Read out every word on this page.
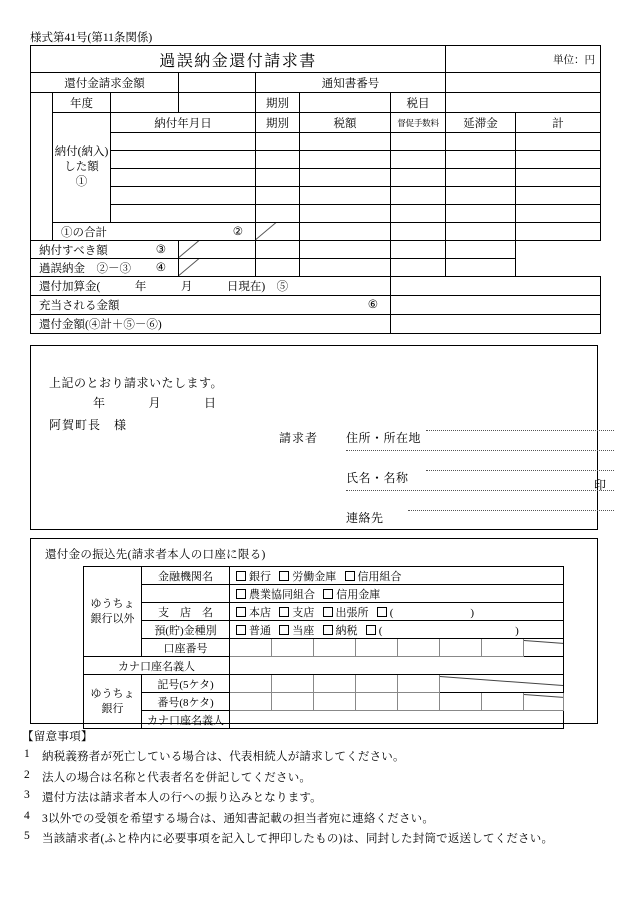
様式第41号(第11条関係)
過誤納金還付請求書							単位：円	
還付金請求金額				通知書番号				
	年度			期別		税目		

	納付(納入)
した額　①	納付年月日		期別	税額	督促手数料	延滞金	計

	①の合計 ②							

納付すべき額 ③								

過誤納金　②－③ ④								

還付加算金(　　　年　　　月　　　日現在)　⑤								
充当される金額 ⑥								

還付金額(④計＋⑤－⑥)								
上記のとおり請求いたします。
年	月	日
阿賀町長　様
請求者 住所・所在地
氏名・名称	印
連絡先
還付金の振込先(請求者本人の口座に限る)
ゆうちょ
銀行以外	金融機関名	銀行 労働金庫 信用組合							
		農業協同組合 信用金庫							
	支　店　名	本店 支店 出張所 (　　　　　　　)							
	預(貯)金種別	普通 当座 納税 ( )							
	口座番号								
カナ口座名義人									

ゆうちょ
銀行	記号(5ケタ)								
	番号(8ケタ)								
	カナ口座名義人								
【留意事項】
1 納税義務者が死亡している場合は、代表相続人が請求してください。
2 法人の場合は名称と代表者名を併記してください。
3 還付方法は請求者本人の行への振り込みとなります。
4 3以外での受領を希望する場合は、通知書記載の担当者宛に連絡ください。
5 当該請求者(ふと枠内に必要事項を記入して押印したもの)は、同封した封筒で返送してください。
